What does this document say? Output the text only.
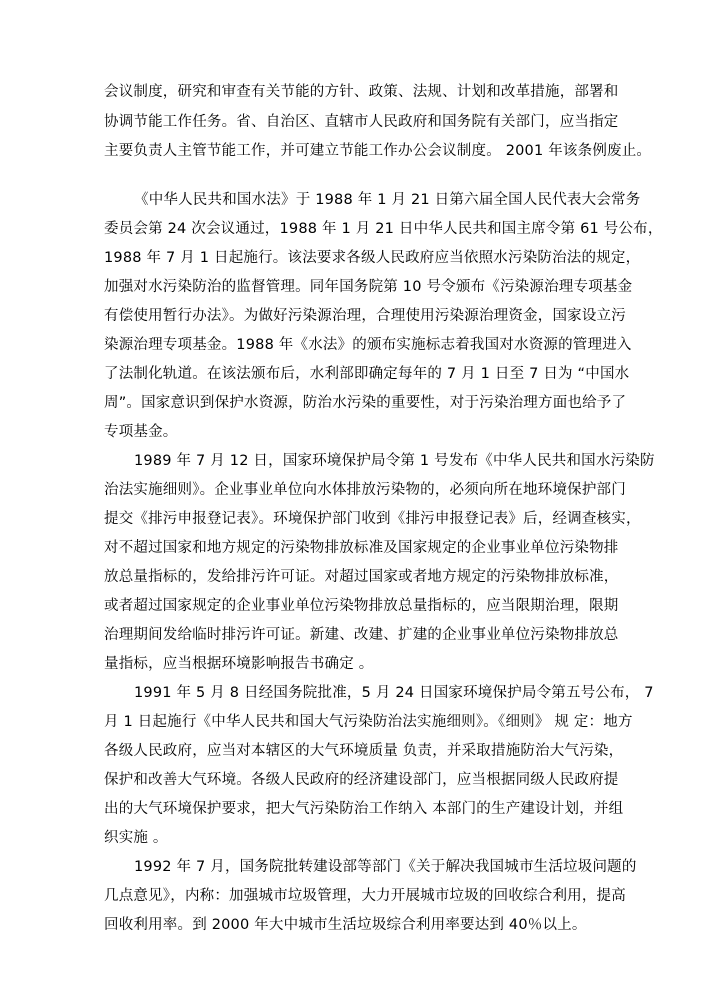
会议制度，研究和审查有关节能的方针、政策、法规、计划和改革措施，部署和
协调节能工作任务。省、自治区、直辖市人民政府和国务院有关部门，应当指定
主要负责人主管节能工作，并可建立节能工作办公会议制度。 2001 年该条例废止。
《中华人民共和国水法》于 1988 年 1 月 21 日第六届全国人民代表大会常务
委员会第 24 次会议通过，1988 年 1 月 21 日中华人民共和国主席令第 61 号公布，
1988 年 7 月 1 日起施行。该法要求各级人民政府应当依照水污染防治法的规定，
加强对水污染防治的监督管理。同年国务院第 10 号令颁布《污染源治理专项基金
有偿使用暂行办法》。为做好污染源治理，合理使用污染源治理资金，国家设立污
染源治理专项基金。1988 年《水法》的颁布实施标志着我国对水资源的管理进入
了法制化轨道。在该法颁布后，水利部即确定每年的 7 月 1 日至 7 日为 “中国水
周”。国家意识到保护水资源，防治水污染的重要性，对于污染治理方面也给予了
专项基金。
1989 年 7 月 12 日，国家环境保护局令第 1 号发布《中华人民共和国水污染防
治法实施细则》。企业事业单位向水体排放污染物的，必须向所在地环境保护部门
提交《排污申报登记表》。环境保护部门收到《排污申报登记表》后，经调查核实，
对不超过国家和地方规定的污染物排放标准及国家规定的企业事业单位污染物排
放总量指标的，发给排污许可证。对超过国家或者地方规定的污染物排放标准，
或者超过国家规定的企业事业单位污染物排放总量指标的，应当限期治理，限期
治理期间发给临时排污许可证。新建、改建、扩建的企业事业单位污染物排放总
量指标，应当根据环境影响报告书确定 。
1991 年 5 月 8 日经国务院批准，5 月 24 日国家环境保护局令第五号公布， 7
月 1 日起施行《中华人民共和国大气污染防治法实施细则》。《细则》 规 定：地方
各级人民政府，应当对本辖区的大气环境质量 负责，并采取措施防治大气污染，
保护和改善大气环境。各级人民政府的经济建设部门，应当根据同级人民政府提
出的大气环境保护要求，把大气污染防治工作纳入 本部门的生产建设计划，并组
织实施 。
1992 年 7 月，国务院批转建设部等部门《关于解决我国城市生活垃圾问题的
几点意见》，内称：加强城市垃圾管理，大力开展城市垃圾的回收综合利用，提高
回收利用率。到 2000 年大中城市生活垃圾综合利用率要达到 40％以上。
